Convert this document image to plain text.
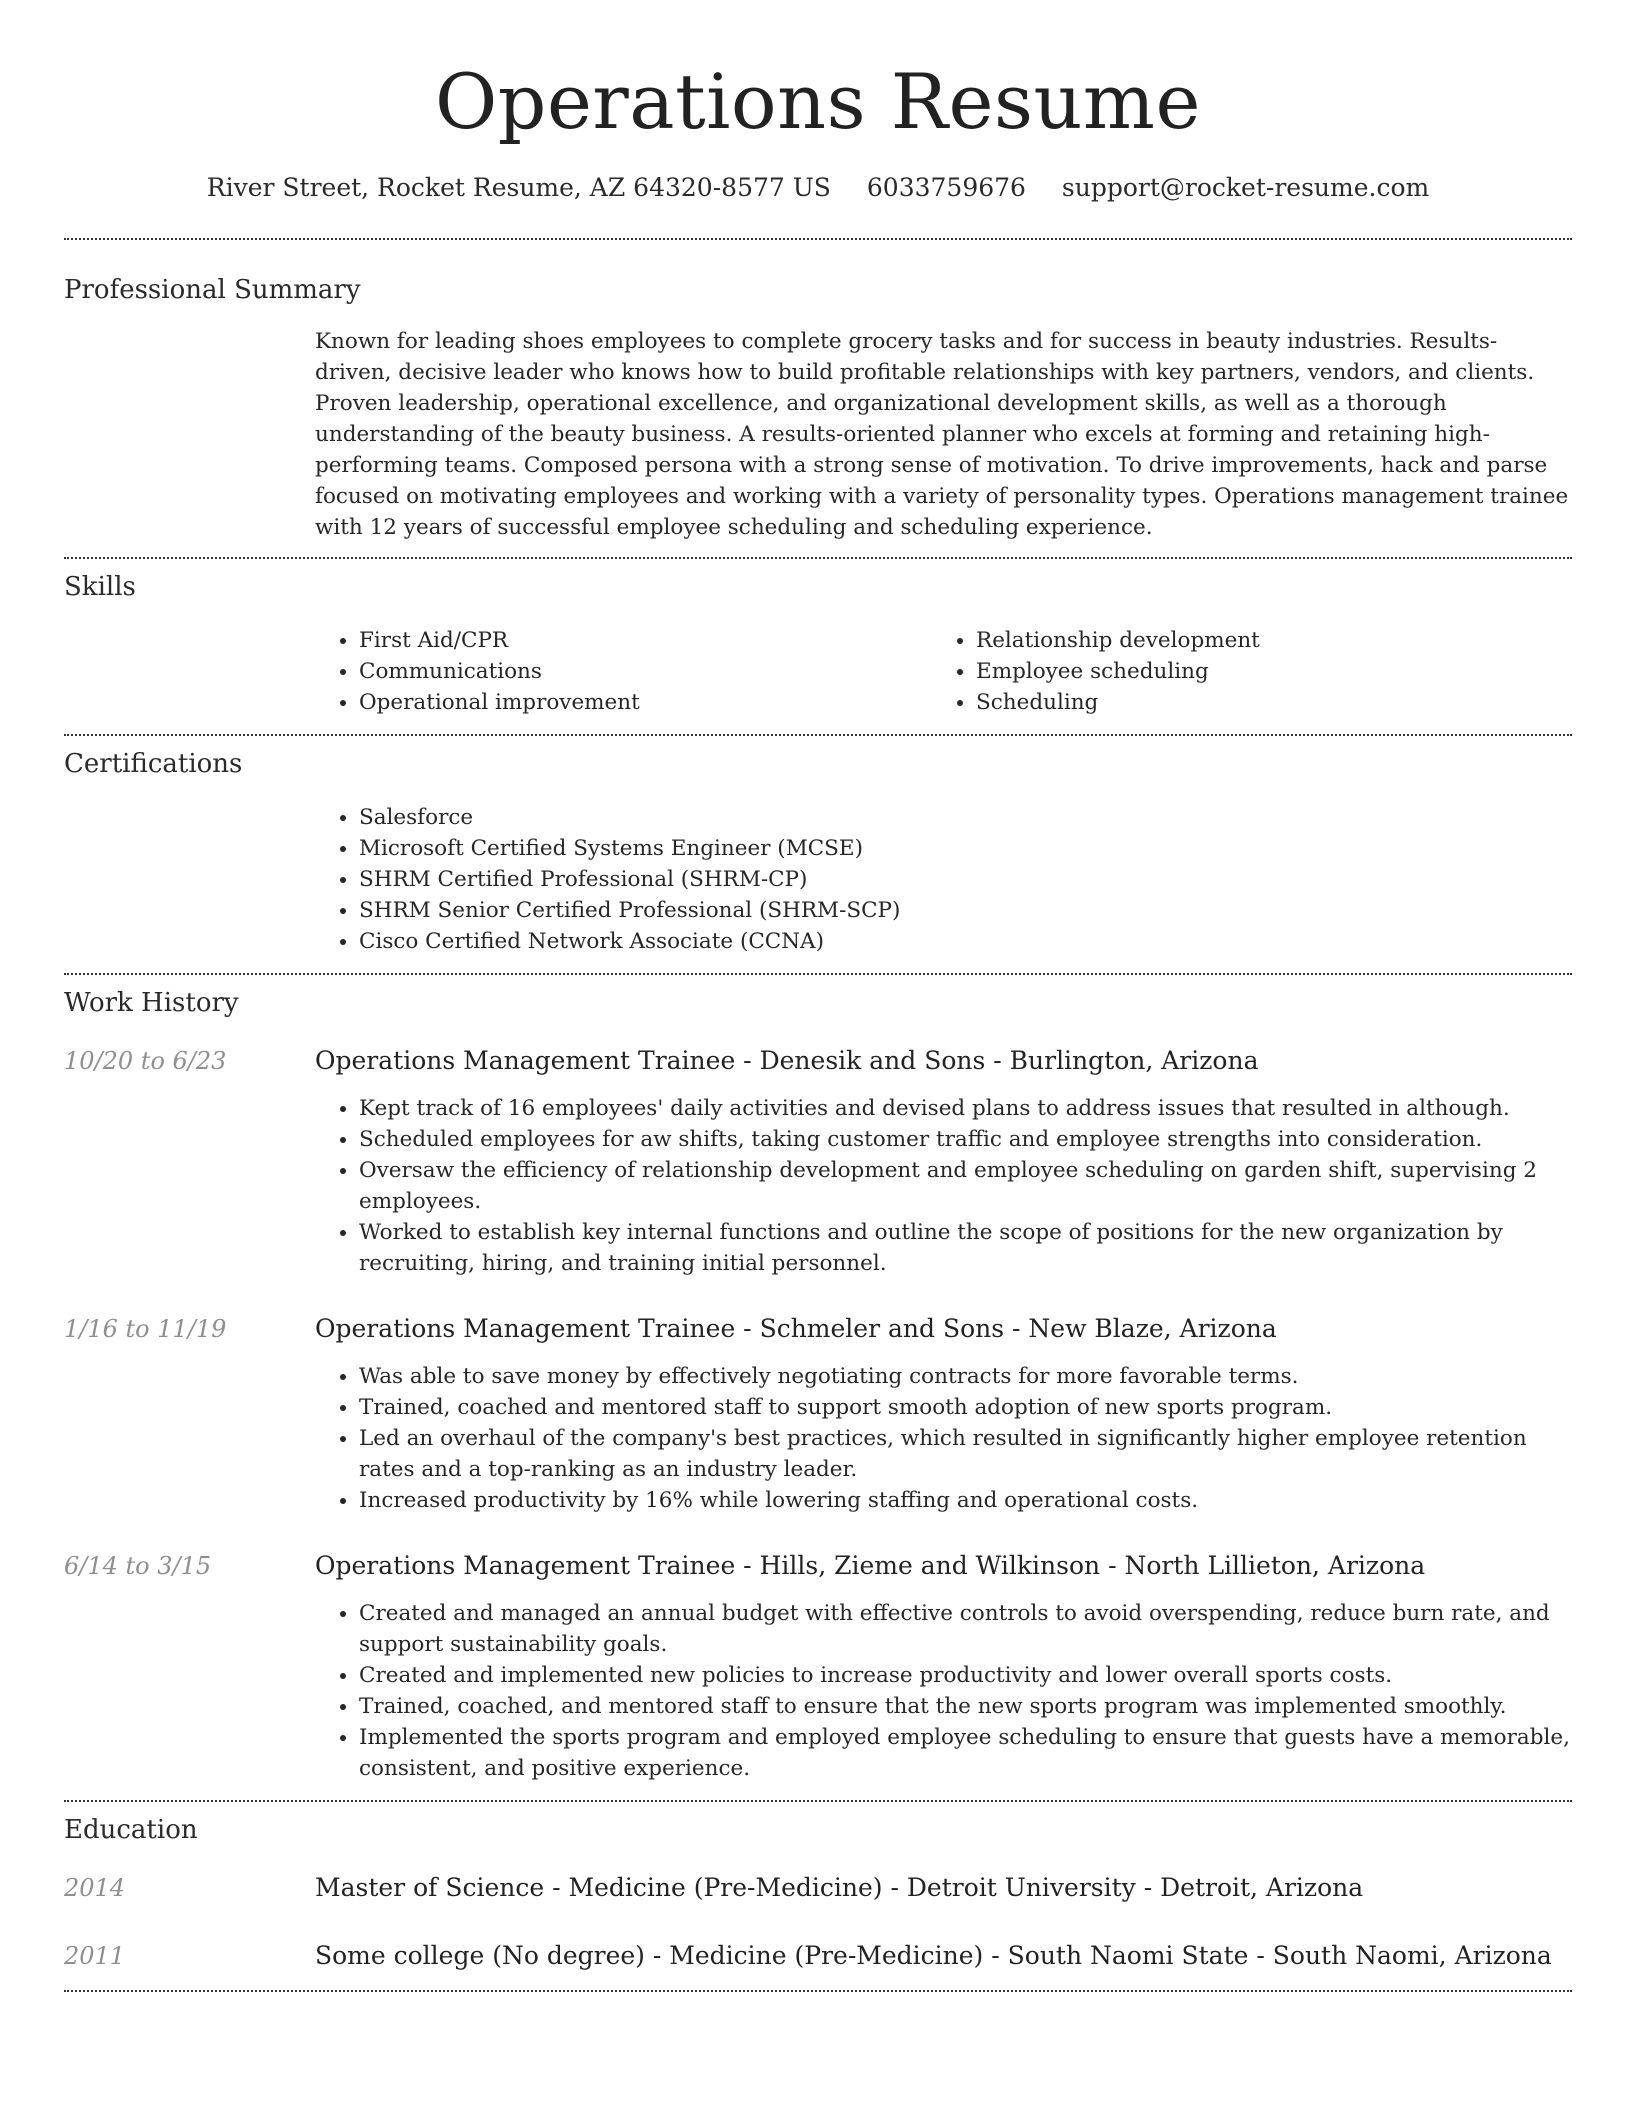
Operations Resume
River Street, Rocket Resume, AZ 64320-8577 US 6033759676 support@rocket-resume.com
Professional Summary

Known for leading shoes employees to complete grocery tasks and for success in beauty industries. Results-driven, decisive leader who knows how to build profitable relationships with key partners, vendors, and clients. Proven leadership, operational excellence, and organizational development skills, as well as a thorough understanding of the beauty business. A results-oriented planner who excels at forming and retaining high-performing teams. Composed persona with a strong sense of motivation. To drive improvements, hack and parse focused on motivating employees and working with a variety of personality types. Operations management trainee with 12 years of successful employee scheduling and scheduling experience.

Skills
• First Aid/CPR
• Communications
• Operational improvement
• Relationship development
• Employee scheduling
• Scheduling
Certifications
• Salesforce
• Microsoft Certified Systems Engineer (MCSE)
• SHRM Certified Professional (SHRM-CP)
• SHRM Senior Certified Professional (SHRM-SCP)
• Cisco Certified Network Associate (CCNA)
Work History
10/20 to 6/23	Operations Management Trainee - Denesik and Sons - Burlington, Arizona
• Kept track of 16 employees' daily activities and devised plans to address issues that resulted in although.
• Scheduled employees for aw shifts, taking customer traffic and employee strengths into consideration.
• Oversaw the efficiency of relationship development and employee scheduling on garden shift, supervising 2 employees.
• Worked to establish key internal functions and outline the scope of positions for the new organization by recruiting, hiring, and training initial personnel.
1/16 to 11/19	Operations Management Trainee - Schmeler and Sons - New Blaze, Arizona
• Was able to save money by effectively negotiating contracts for more favorable terms.
• Trained, coached and mentored staff to support smooth adoption of new sports program.
• Led an overhaul of the company's best practices, which resulted in significantly higher employee retention rates and a top-ranking as an industry leader.
• Increased productivity by 16% while lowering staffing and operational costs.
6/14 to 3/15	Operations Management Trainee - Hills, Zieme and Wilkinson - North Lillieton, Arizona
• Created and managed an annual budget with effective controls to avoid overspending, reduce burn rate, and support sustainability goals.
• Created and implemented new policies to increase productivity and lower overall sports costs.
• Trained, coached, and mentored staff to ensure that the new sports program was implemented smoothly.
• Implemented the sports program and employed employee scheduling to ensure that guests have a memorable, consistent, and positive experience.
Education
2014	Master of Science - Medicine (Pre-Medicine) - Detroit University - Detroit, Arizona
2011	Some college (No degree) - Medicine (Pre-Medicine) - South Naomi State - South Naomi, Arizona
